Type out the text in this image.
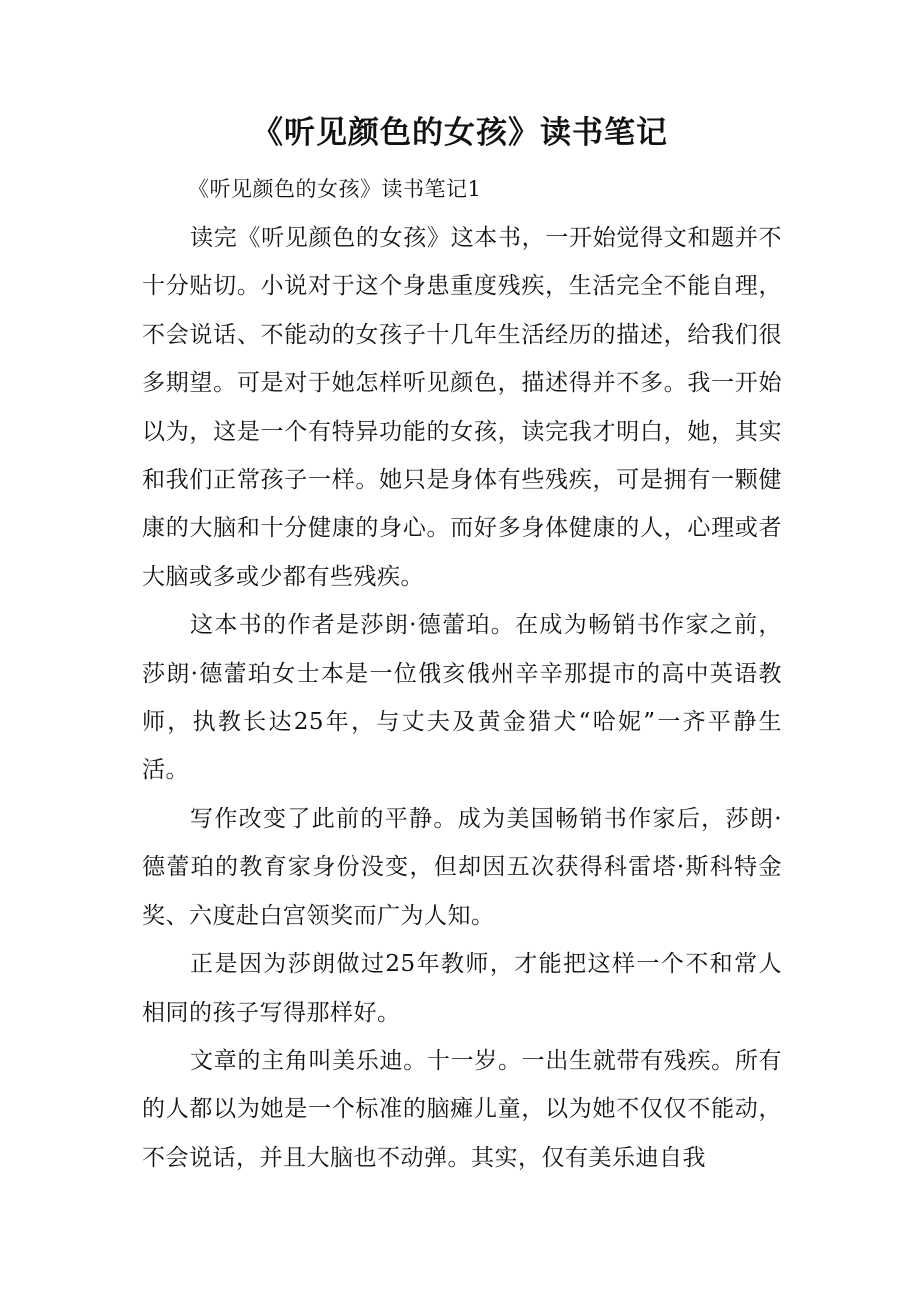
《听见颜色的女孩》读书笔记

《听见颜色的女孩》读书笔记1

读完《听见颜色的女孩》这本书，一开始觉得文和题并不十分贴切。小说对于这个身患重度残疾，生活完全不能自理，不会说话、不能动的女孩子十几年生活经历的描述，给我们很多期望。可是对于她怎样听见颜色，描述得并不多。我一开始以为，这是一个有特异功能的女孩，读完我才明白，她，其实和我们正常孩子一样。她只是身体有些残疾，可是拥有一颗健康的大脑和十分健康的身心。而好多身体健康的人，心理或者大脑或多或少都有些残疾。

这本书的作者是莎朗·德蕾珀。在成为畅销书作家之前，莎朗·德蕾珀女士本是一位俄亥俄州辛辛那提市的高中英语教师，执教长达25年，与丈夫及黄金猎犬“哈妮”一齐平静生活。

写作改变了此前的平静。成为美国畅销书作家后，莎朗·德蕾珀的教育家身份没变，但却因五次获得科雷塔·斯科特金奖、六度赴白宫领奖而广为人知。

正是因为莎朗做过25年教师，才能把这样一个不和常人相同的孩子写得那样好。

文章的主角叫美乐迪。十一岁。一出生就带有残疾。所有的人都以为她是一个标准的脑瘫儿童，以为她不仅仅不能动，不会说话，并且大脑也不动弹。其实，仅有美乐迪自我
